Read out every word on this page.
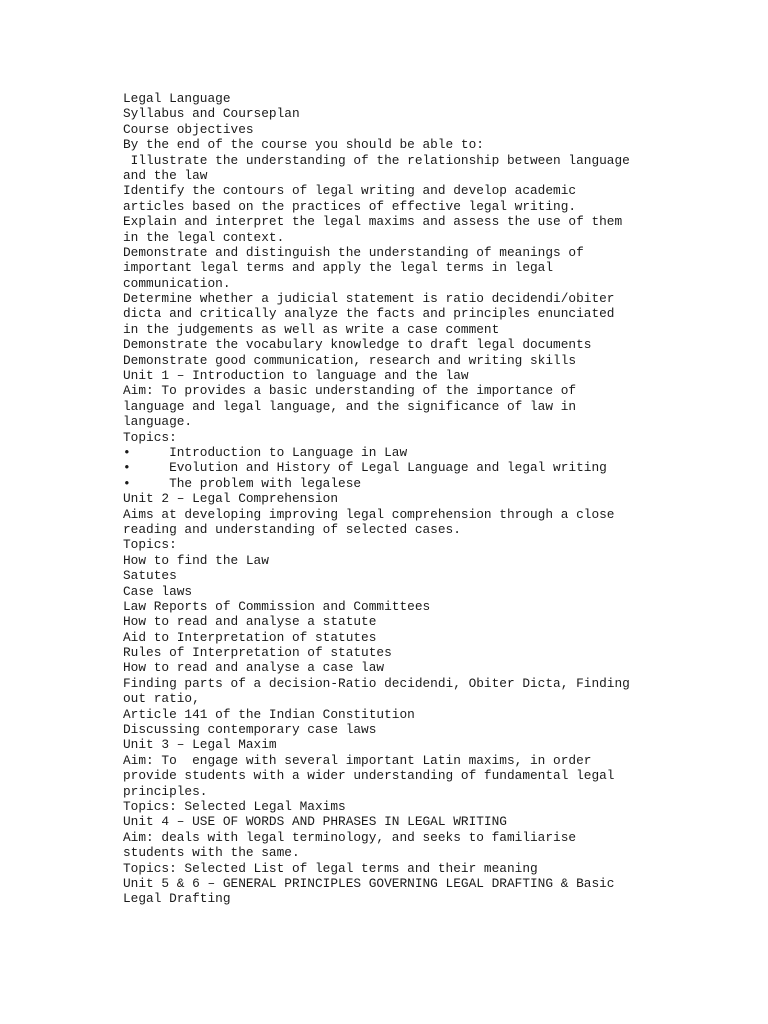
Legal Language
Syllabus and Courseplan
Course objectives
By the end of the course you should be able to:
Illustrate the understanding of the relationship between language
and the law
Identify the contours of legal writing and develop academic
articles based on the practices of effective legal writing.
Explain and interpret the legal maxims and assess the use of them
in the legal context.
Demonstrate and distinguish the understanding of meanings of
important legal terms and apply the legal terms in legal
communication.
Determine whether a judicial statement is ratio decidendi/obiter
dicta and critically analyze the facts and principles enunciated
in the judgements as well as write a case comment
Demonstrate the vocabulary knowledge to draft legal documents
Demonstrate good communication, research and writing skills
Unit 1 – Introduction to language and the law
Aim: To provides a basic understanding of the importance of
language and legal language, and the significance of law in
language.
Topics:
•     Introduction to Language in Law
•     Evolution and History of Legal Language and legal writing
•     The problem with legalese
Unit 2 – Legal Comprehension
Aims at developing improving legal comprehension through a close
reading and understanding of selected cases.
Topics:
How to find the Law
Satutes
Case laws
Law Reports of Commission and Committees
How to read and analyse a statute
Aid to Interpretation of statutes
Rules of Interpretation of statutes
How to read and analyse a case law
Finding parts of a decision-Ratio decidendi, Obiter Dicta, Finding
out ratio,
Article 141 of the Indian Constitution
Discussing contemporary case laws
Unit 3 – Legal Maxim
Aim: To  engage with several important Latin maxims, in order
provide students with a wider understanding of fundamental legal
principles.
Topics: Selected Legal Maxims
Unit 4 – USE OF WORDS AND PHRASES IN LEGAL WRITING
Aim: deals with legal terminology, and seeks to familiarise
students with the same.
Topics: Selected List of legal terms and their meaning
Unit 5 & 6 – GENERAL PRINCIPLES GOVERNING LEGAL DRAFTING & Basic
Legal Drafting
